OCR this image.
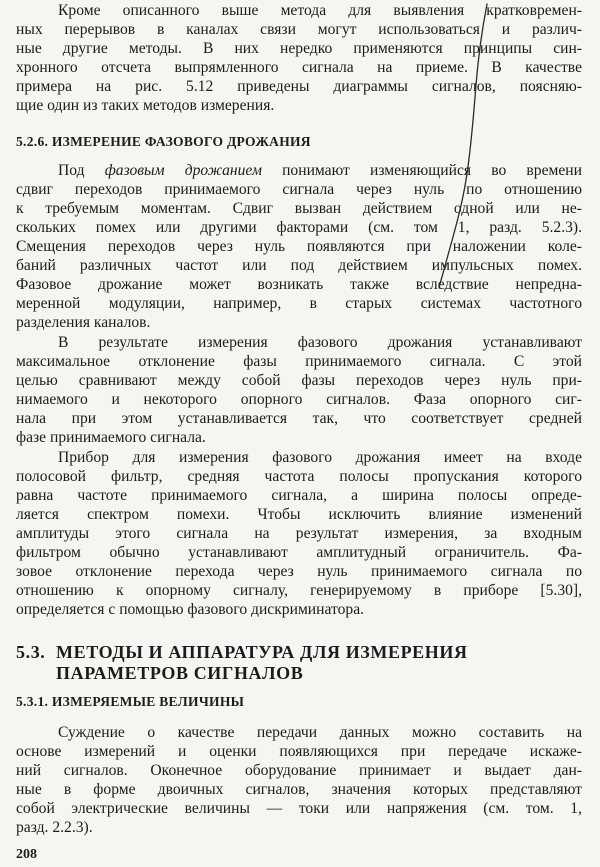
Кроме описанного выше метода для выявления кратковремен-
ных перерывов в каналах связи могут использоваться и различ-
ные другие методы. В них нередко применяются принципы син-
хронного отсчета выпрямленного сигнала на приеме. В качестве
примера на рис. 5.12 приведены диаграммы сигналов, поясняю-
щие один из таких методов измерения.
5.2.6. ИЗМЕРЕНИЕ ФАЗОВОГО ДРОЖАНИЯ
Под фазовым дрожанием понимают изменяющийся во времени
сдвиг переходов принимаемого сигнала через нуль по отношению
к требуемым моментам. Сдвиг вызван действием одной или не-
скольких помех или другими факторами (см. том 1, разд. 5.2.3).
Смещения переходов через нуль появляются при наложении коле-
баний различных частот или под действием импульсных помех.
Фазовое дрожание может возникать также вследствие непредна-
меренной модуляции, например, в старых системах частотного
разделения каналов.
В результате измерения фазового дрожания устанавливают
максимальное отклонение фазы принимаемого сигнала. С этой
целью сравнивают между собой фазы переходов через нуль при-
нимаемого и некоторого опорного сигналов. Фаза опорного сиг-
нала при этом устанавливается так, что соответствует средней
фазе принимаемого сигнала.
Прибор для измерения фазового дрожания имеет на входе
полосовой фильтр, средняя частота полосы пропускания которого
равна частоте принимаемого сигнала, а ширина полосы опреде-
ляется спектром помехи. Чтобы исключить влияние изменений
амплитуды этого сигнала на результат измерения, за входным
фильтром обычно устанавливают амплитудный ограничитель. Фа-
зовое отклонение перехода через нуль принимаемого сигнала по
отношению к опорному сигналу, генерируемому в приборе [5.30],
определяется с помощью фазового дискриминатора.
5.3. МЕТОДЫ И АППАРАТУРА ДЛЯ ИЗМЕРЕНИЯ
ПАРАМЕТРОВ СИГНАЛОВ
5.3.1. ИЗМЕРЯЕМЫЕ ВЕЛИЧИНЫ
Суждение о качестве передачи данных можно составить на
основе измерений и оценки появляющихся при передаче искаже-
ний сигналов. Оконечное оборудование принимает и выдает дан-
ные в форме двоичных сигналов, значения которых представляют
собой электрические величины — токи или напряжения (см. том. 1,
разд. 2.2.3).
208
